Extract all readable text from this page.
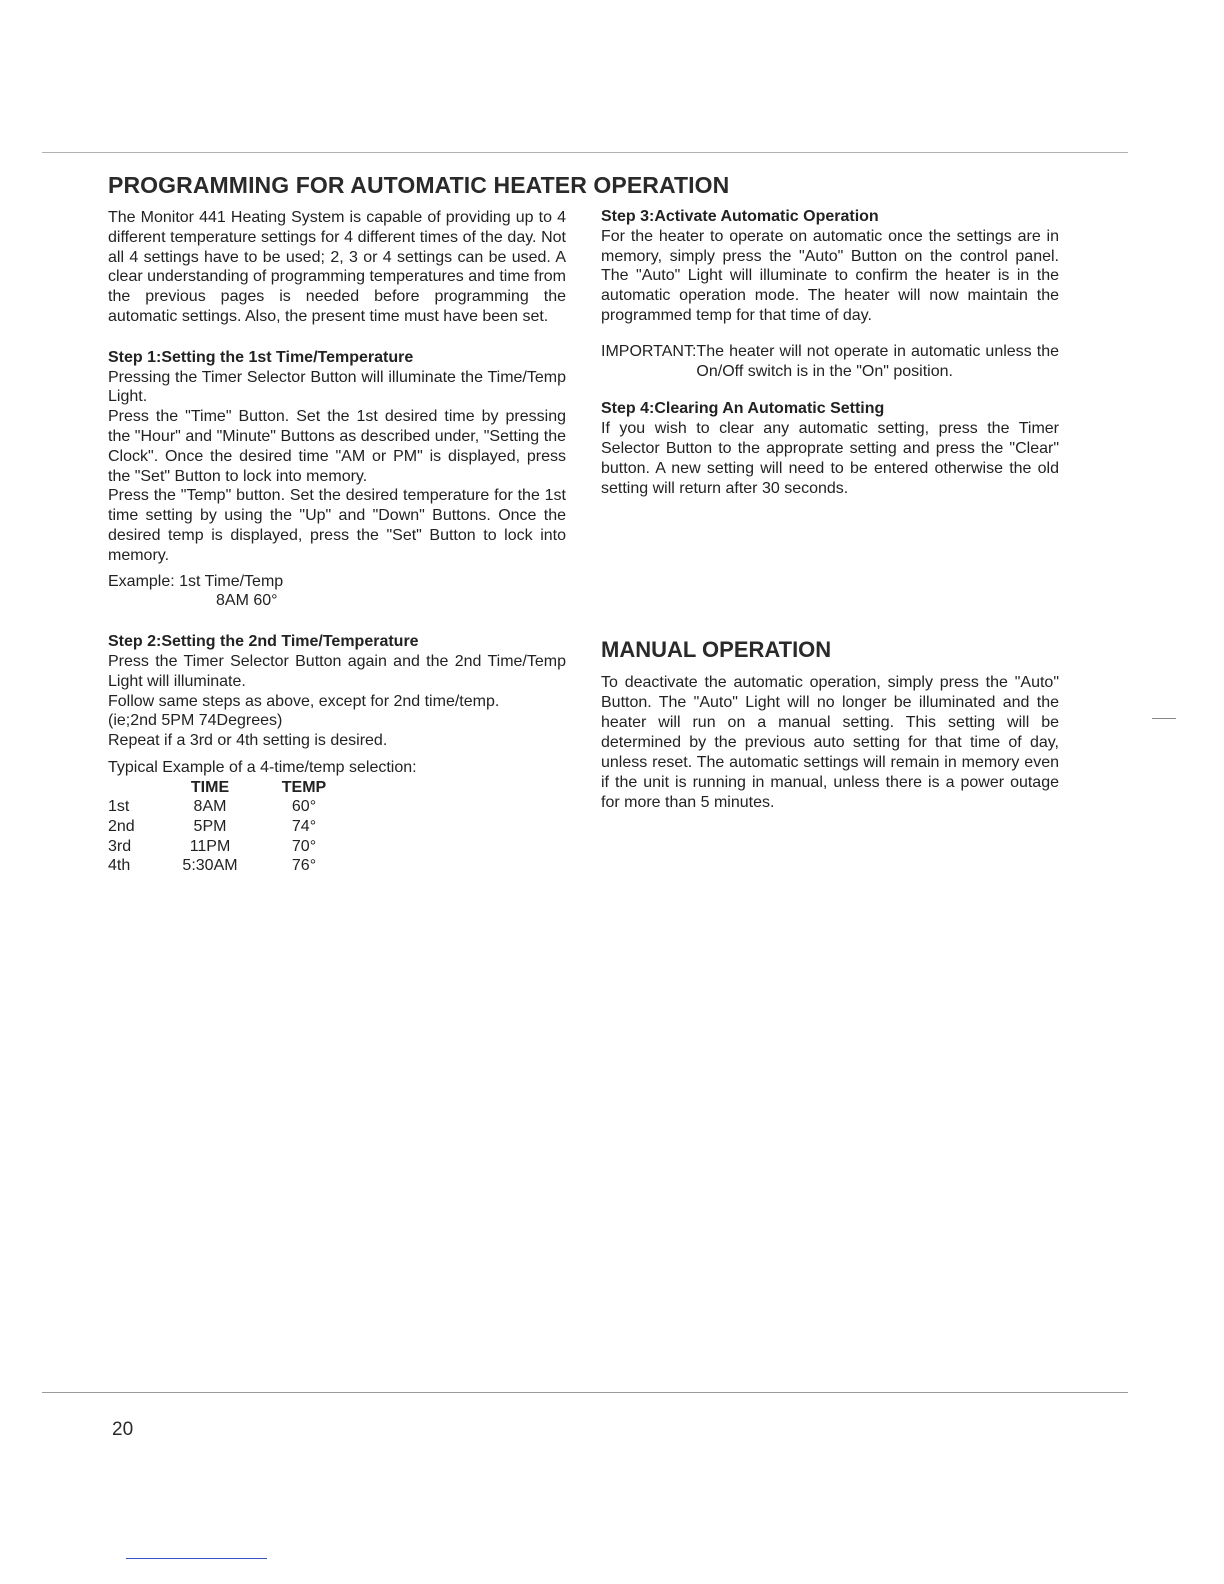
PROGRAMMING FOR AUTOMATIC HEATER OPERATION

The Monitor 441 Heating System is capable of providing up to 4 different temperature settings for 4 different times of the day. Not all 4 settings have to be used; 2, 3 or 4 settings can be used. A clear understanding of programming temperatures and time from the previous pages is needed before programming the automatic settings. Also, the present time must have been set.

Step 1:Setting the 1st Time/Temperature

Pressing the Timer Selector Button will illuminate the Time/Temp Light.

Press the "Time" Button. Set the 1st desired time by pressing the "Hour" and "Minute" Buttons as described under, "Setting the Clock". Once the desired time "AM or PM" is displayed, press the "Set" Button to lock into memory.

Press the "Temp" button. Set the desired temperature for the 1st time setting by using the "Up" and "Down" Buttons. Once the desired temp is displayed, press the "Set" Button to lock into memory.

Example: 1st Time/Temp
8AM 60°
Step 2:Setting the 2nd Time/Temperature

Press the Timer Selector Button again and the 2nd Time/Temp Light will illuminate.

Follow same steps as above, except for 2nd time/temp.

(ie;2nd 5PM 74Degrees)

Repeat if a 3rd or 4th setting is desired.

Typical Example of a 4-time/temp selection:
	TIME	TEMP
1st	8AM	60°
2nd	5PM	74°
3rd	11PM	70°
4th	5:30AM	76°
Step 3:Activate Automatic Operation

For the heater to operate on automatic once the settings are in memory, simply press the "Auto" Button on the control panel. The "Auto" Light will illuminate to confirm the heater is in the automatic operation mode. The heater will now maintain the programmed temp for that time of day.

IMPORTANT: The heater will not operate in automatic unless the On/Off switch is in the "On" position.
Step 4:Clearing An Automatic Setting

If you wish to clear any automatic setting, press the Timer Selector Button to the approprate setting and press the "Clear" button. A new setting will need to be entered otherwise the old setting will return after 30 seconds.

MANUAL OPERATION

To deactivate the automatic operation, simply press the "Auto" Button. The "Auto" Light will no longer be illuminated and the heater will run on a manual setting. This setting will be determined by the previous auto setting for that time of day, unless reset. The automatic settings will remain in memory even if the unit is running in manual, unless there is a power outage for more than 5 minutes.

20
